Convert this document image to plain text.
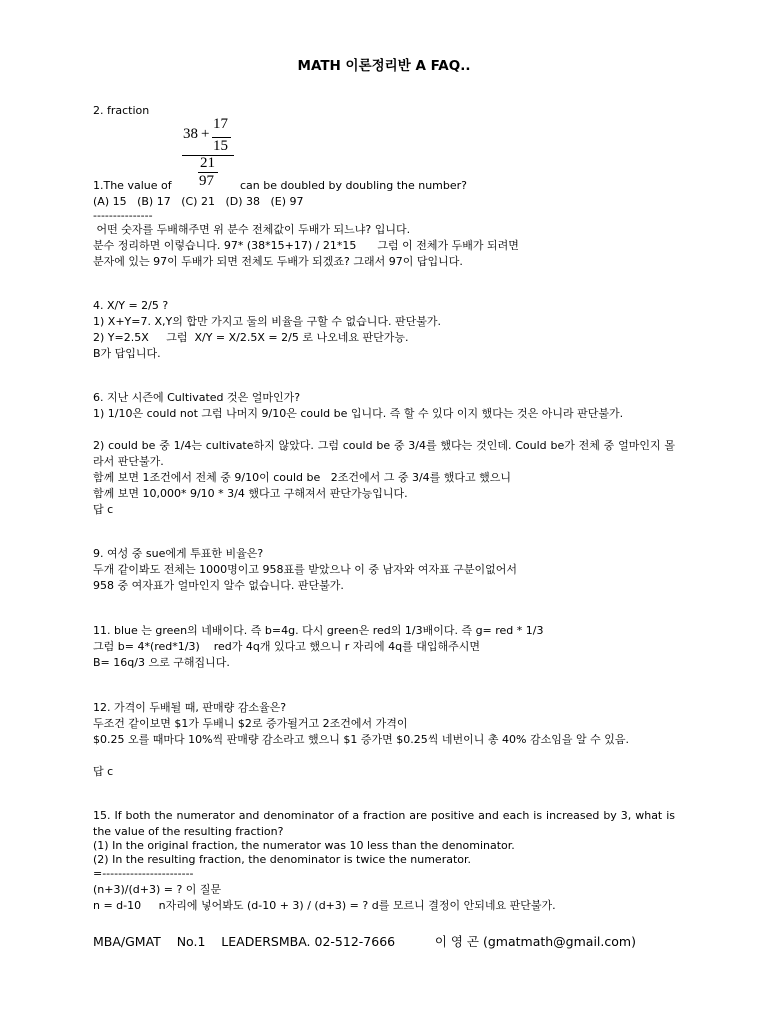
MATH 이론정리반 A FAQ..
2. fraction
17
38 +
15
21
97
1.The value of	can be doubled by doubling the number?
(A) 15   (B) 17   (C) 21   (D) 38   (E) 97
---------------
어떤 숫자를 두배해주면 위 분수 전체값이 두배가 되느냐? 입니다.
분수 정리하면 이렇습니다. 97* (38*15+17) / 21*15      그럼 이 전체가 두배가 되려면
분자에 있는 97이 두배가 되면 전체도 두배가 되겠죠? 그래서 97이 답입니다.
4. X/Y = 2/5 ?
1) X+Y=7. X,Y의 합만 가지고 둘의 비율을 구할 수 없습니다. 판단불가.
2) Y=2.5X     그럼  X/Y = X/2.5X = 2/5 로 나오네요 판단가능.
B가 답입니다.
6. 지난 시즌에 Cultivated 것은 얼마인가?
1) 1/10은 could not 그럼 나머지 9/10은 could be 입니다. 즉 할 수 있다 이지 했다는 것은 아니라 판단불가.
2) could be 중 1/4는 cultivate하지 않았다. 그럼 could be 중 3/4를 했다는 것인데. Could be가 전체 중 얼마인지 몰라서 판단불가.
함께 보면 1조건에서 전체 중 9/10이 could be   2조건에서 그 중 3/4를 했다고 했으니
함께 보면 10,000* 9/10 * 3/4 했다고 구해져서 판단가능입니다.
답 c
9. 여성 중 sue에게 투표한 비율은?
두개 같이봐도 전체는 1000명이고 958표를 받았으나 이 중 남자와 여자표 구분이없어서
958 중 여자표가 얼마인지 알수 없습니다. 판단불가.
11. blue 는 green의 네배이다. 즉 b=4g. 다시 green은 red의 1/3배이다. 즉 g= red * 1/3
그럼 b= 4*(red*1/3)    red가 4q개 있다고 했으니 r 자리에 4q를 대입해주시면
B= 16q/3 으로 구해집니다.
12. 가격이 두배될 때, 판매량 감소율은?
두조건 같이보면 $1가 두배니 $2로 증가될거고 2조건에서 가격이
$0.25 오를 때마다 10%씩 판매량 감소라고 했으니 $1 증가면 $0.25씩 네번이니 총 40% 감소임을 알 수 있음.
답 c
15. If both the numerator and denominator of a fraction are positive and each is increased by 3, what is the value of the resulting fraction?
(1) In the original fraction, the numerator was 10 less than the denominator.
(2) In the resulting fraction, the denominator is twice the numerator.
=-----------------------
(n+3)/(d+3) = ? 이 질문
n = d-10     n자리에 넣어봐도 (d-10 + 3) / (d+3) = ? d를 모르니 결정이 안되네요 판단불가.
MBA/GMAT    No.1    LEADERSMBA. 02-512-7666          이 영 곤 (gmatmath@gmail.com)
